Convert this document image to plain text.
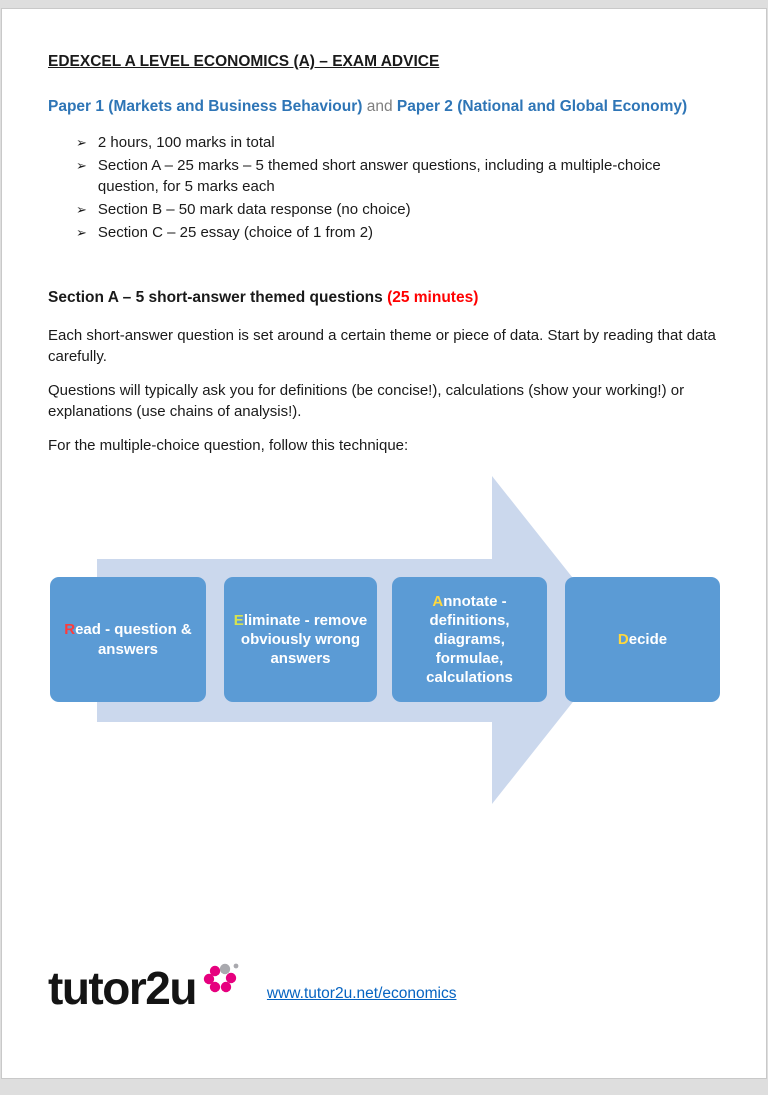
EDEXCEL A LEVEL ECONOMICS (A) – EXAM ADVICE
Paper 1 (Markets and Business Behaviour) and Paper 2 (National and Global Economy)
➢ 2 hours, 100 marks in total
➢ Section A – 25 marks – 5 themed short answer questions, including a multiple-choice question, for 5 marks each
➢ Section B – 50 mark data response (no choice)
➢ Section C – 25 essay (choice of 1 from 2)
Section A – 5 short-answer themed questions (25 minutes)

Each short-answer question is set around a certain theme or piece of data. Start by reading that data carefully.

Questions will typically ask you for definitions (be concise!), calculations (show your working!) or explanations (use chains of analysis!).

For the multiple-choice question, follow this technique:

Read - question & answers
Eliminate - remove obviously wrong answers
Annotate - definitions, diagrams, formulae, calculations
Decide
tutor2u	www.tutor2u.net/economics
